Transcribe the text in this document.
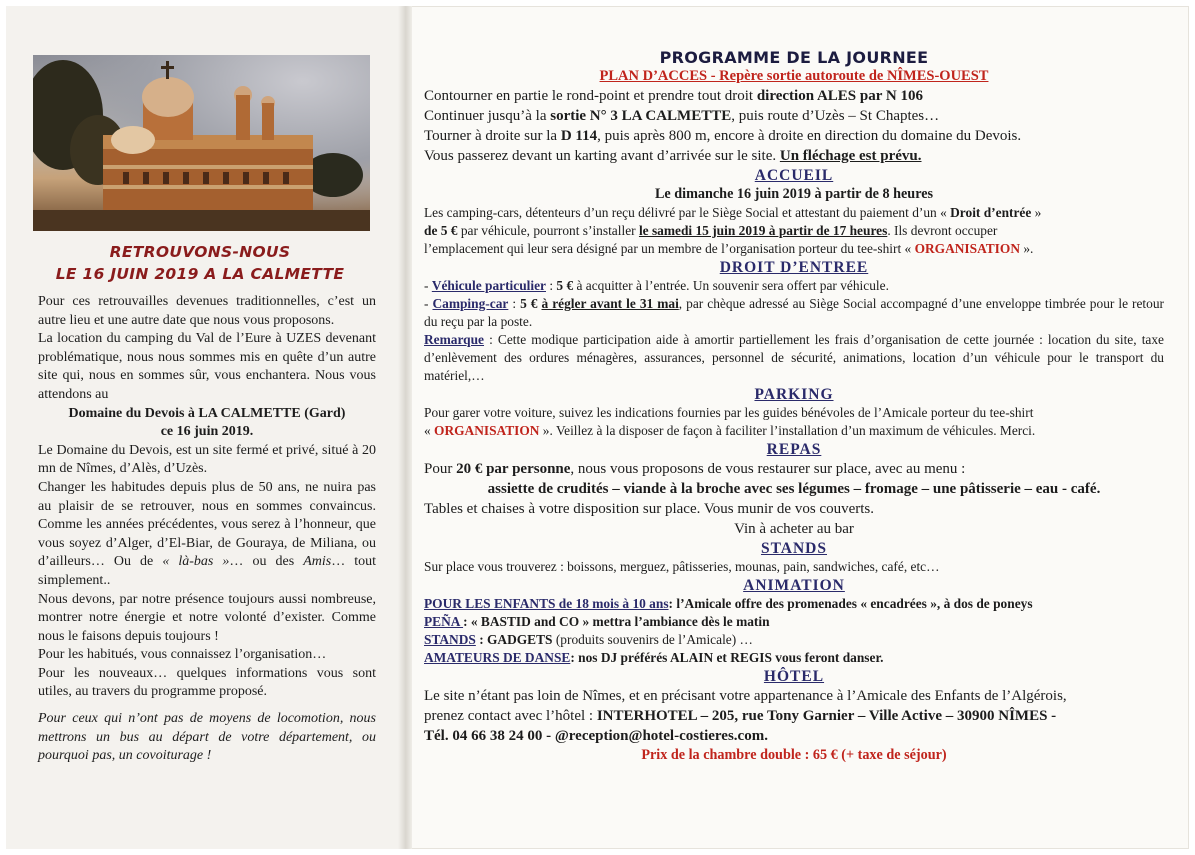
RETROUVONS-NOUS
LE 16 JUIN 2019 A LA CALMETTE

Pour ces retrouvailles devenues traditionnelles, c’est un autre lieu et une autre date que nous vous proposons.

La location du camping du Val de l’Eure à UZES devenant problématique, nous nous sommes mis en quête d’un autre site qui, nous en sommes sûr, vous enchantera. Nous vous attendons au

Domaine du Devois à LA CALMETTE (Gard)

ce 16 juin 2019.

Le Domaine du Devois, est un site fermé et privé, situé à 20 mn de Nîmes, d’Alès, d’Uzès.

Changer les habitudes depuis plus de 50 ans, ne nuira pas au plaisir de se retrouver, nous en sommes convaincus. Comme les années précédentes, vous serez à l’honneur, que vous soyez d’Alger, d’El-Biar, de Gouraya, de Miliana, ou d’ailleurs… Ou de « là-bas »… ou des Amis… tout simplement..

Nous devons, par notre présence toujours aussi nombreuse, montrer notre énergie et notre volonté d’exister. Comme nous le faisons depuis toujours !

Pour les habitués, vous connaissez l’organisation…

Pour les nouveaux… quelques informations vous sont utiles, au travers du programme proposé.

Pour ceux qui n’ont pas de moyens de locomotion, nous mettrons un bus au départ de votre département, ou pourquoi pas, un covoiturage !

PROGRAMME DE LA JOURNEE

PLAN D’ACCES - Repère sortie autoroute de NÎMES-OUEST

Contourner en partie le rond-point et prendre tout droit direction ALES par N 106

Continuer jusqu’à la sortie N° 3 LA CALMETTE, puis route d’Uzès – St Chaptes…

Tourner à droite sur la D 114, puis après 800 m, encore à droite en direction du domaine du Devois.

Vous passerez devant un karting avant d’arrivée sur le site. Un fléchage est prévu.

ACCUEIL

Le dimanche 16 juin 2019 à partir de 8 heures

Les camping-cars, détenteurs d’un reçu délivré par le Siège Social et attestant du paiement d’un « Droit d’entrée »

de 5 € par véhicule, pourront s’installer le samedi 15 juin 2019 à partir de 17 heures. Ils devront occuper

l’emplacement qui leur sera désigné par un membre de l’organisation porteur du tee-shirt « ORGANISATION ».

DROIT D’ENTREE

- Véhicule particulier : 5 € à acquitter à l’entrée. Un souvenir sera offert par véhicule.

- Camping-car : 5 € à régler avant le 31 mai, par chèque adressé au Siège Social accompagné d’une enveloppe timbrée pour le retour du reçu par la poste.

Remarque : Cette modique participation aide à amortir partiellement les frais d’organisation de cette journée : location du site, taxe d’enlèvement des ordures ménagères, assurances, personnel de sécurité, animations, location d’un véhicule pour le transport du matériel,…

PARKING

Pour garer votre voiture, suivez les indications fournies par les guides bénévoles de l’Amicale porteur du tee-shirt

« ORGANISATION ». Veillez à la disposer de façon à faciliter l’installation d’un maximum de véhicules. Merci.

REPAS

Pour 20 € par personne, nous vous proposons de vous restaurer sur place, avec au menu :

assiette de crudités – viande à la broche avec ses légumes – fromage – une pâtisserie – eau - café.

Tables et chaises à votre disposition sur place. Vous munir de vos couverts.

Vin à acheter au bar

STANDS

Sur place vous trouverez : boissons, merguez, pâtisseries, mounas, pain, sandwiches, café, etc…

ANIMATION

POUR LES ENFANTS de 18 mois à 10 ans: l’Amicale offre des promenades « encadrées », à dos de poneys

PEÑA : « BASTID and CO » mettra l’ambiance dès le matin

STANDS : GADGETS (produits souvenirs de l’Amicale) …

AMATEURS DE DANSE: nos DJ préférés ALAIN et REGIS vous feront danser.

HÔTEL

Le site n’étant pas loin de Nîmes, et en précisant votre appartenance à l’Amicale des Enfants de l’Algérois,

prenez contact avec l’hôtel : INTERHOTEL – 205, rue Tony Garnier – Ville Active – 30900 NÎMES -

Tél. 04 66 38 24 00 - @reception@hotel-costieres.com.

Prix de la chambre double : 65 € (+ taxe de séjour)
